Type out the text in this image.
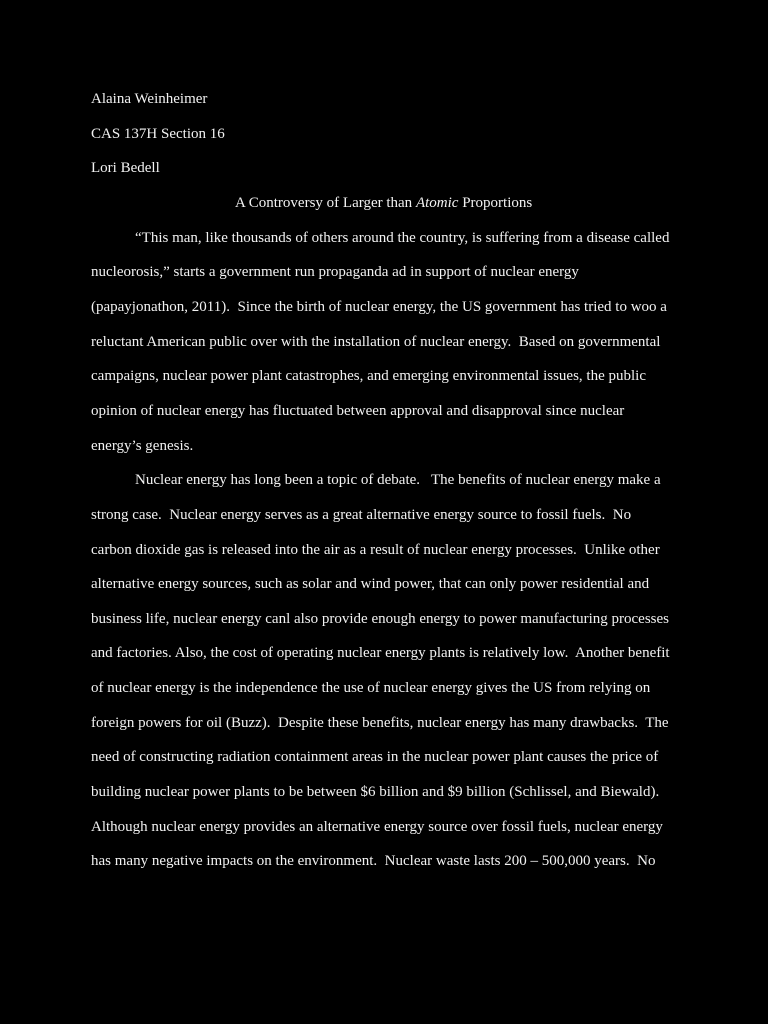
Alaina Weinheimer

CAS 137H Section 16

Lori Bedell

A Controversy of Larger than Atomic Proportions

“This man, like thousands of others around the country, is suffering from a disease called

nucleorosis,” starts a government run propaganda ad in support of nuclear energy

(papayjonathon, 2011).  Since the birth of nuclear energy, the US government has tried to woo a

reluctant American public over with the installation of nuclear energy.  Based on governmental

campaigns, nuclear power plant catastrophes, and emerging environmental issues, the public

opinion of nuclear energy has fluctuated between approval and disapproval since nuclear

energy’s genesis.

Nuclear energy has long been a topic of debate.   The benefits of nuclear energy make a

strong case.  Nuclear energy serves as a great alternative energy source to fossil fuels.  No

carbon dioxide gas is released into the air as a result of nuclear energy processes.  Unlike other

alternative energy sources, such as solar and wind power, that can only power residential and

business life, nuclear energy canl also provide enough energy to power manufacturing processes

and factories. Also, the cost of operating nuclear energy plants is relatively low.  Another benefit

of nuclear energy is the independence the use of nuclear energy gives the US from relying on

foreign powers for oil (Buzz).  Despite these benefits, nuclear energy has many drawbacks.  The

need of constructing radiation containment areas in the nuclear power plant causes the price of

building nuclear power plants to be between $6 billion and $9 billion (Schlissel, and Biewald).

Although nuclear energy provides an alternative energy source over fossil fuels, nuclear energy

has many negative impacts on the environment.  Nuclear waste lasts 200 – 500,000 years.  No
